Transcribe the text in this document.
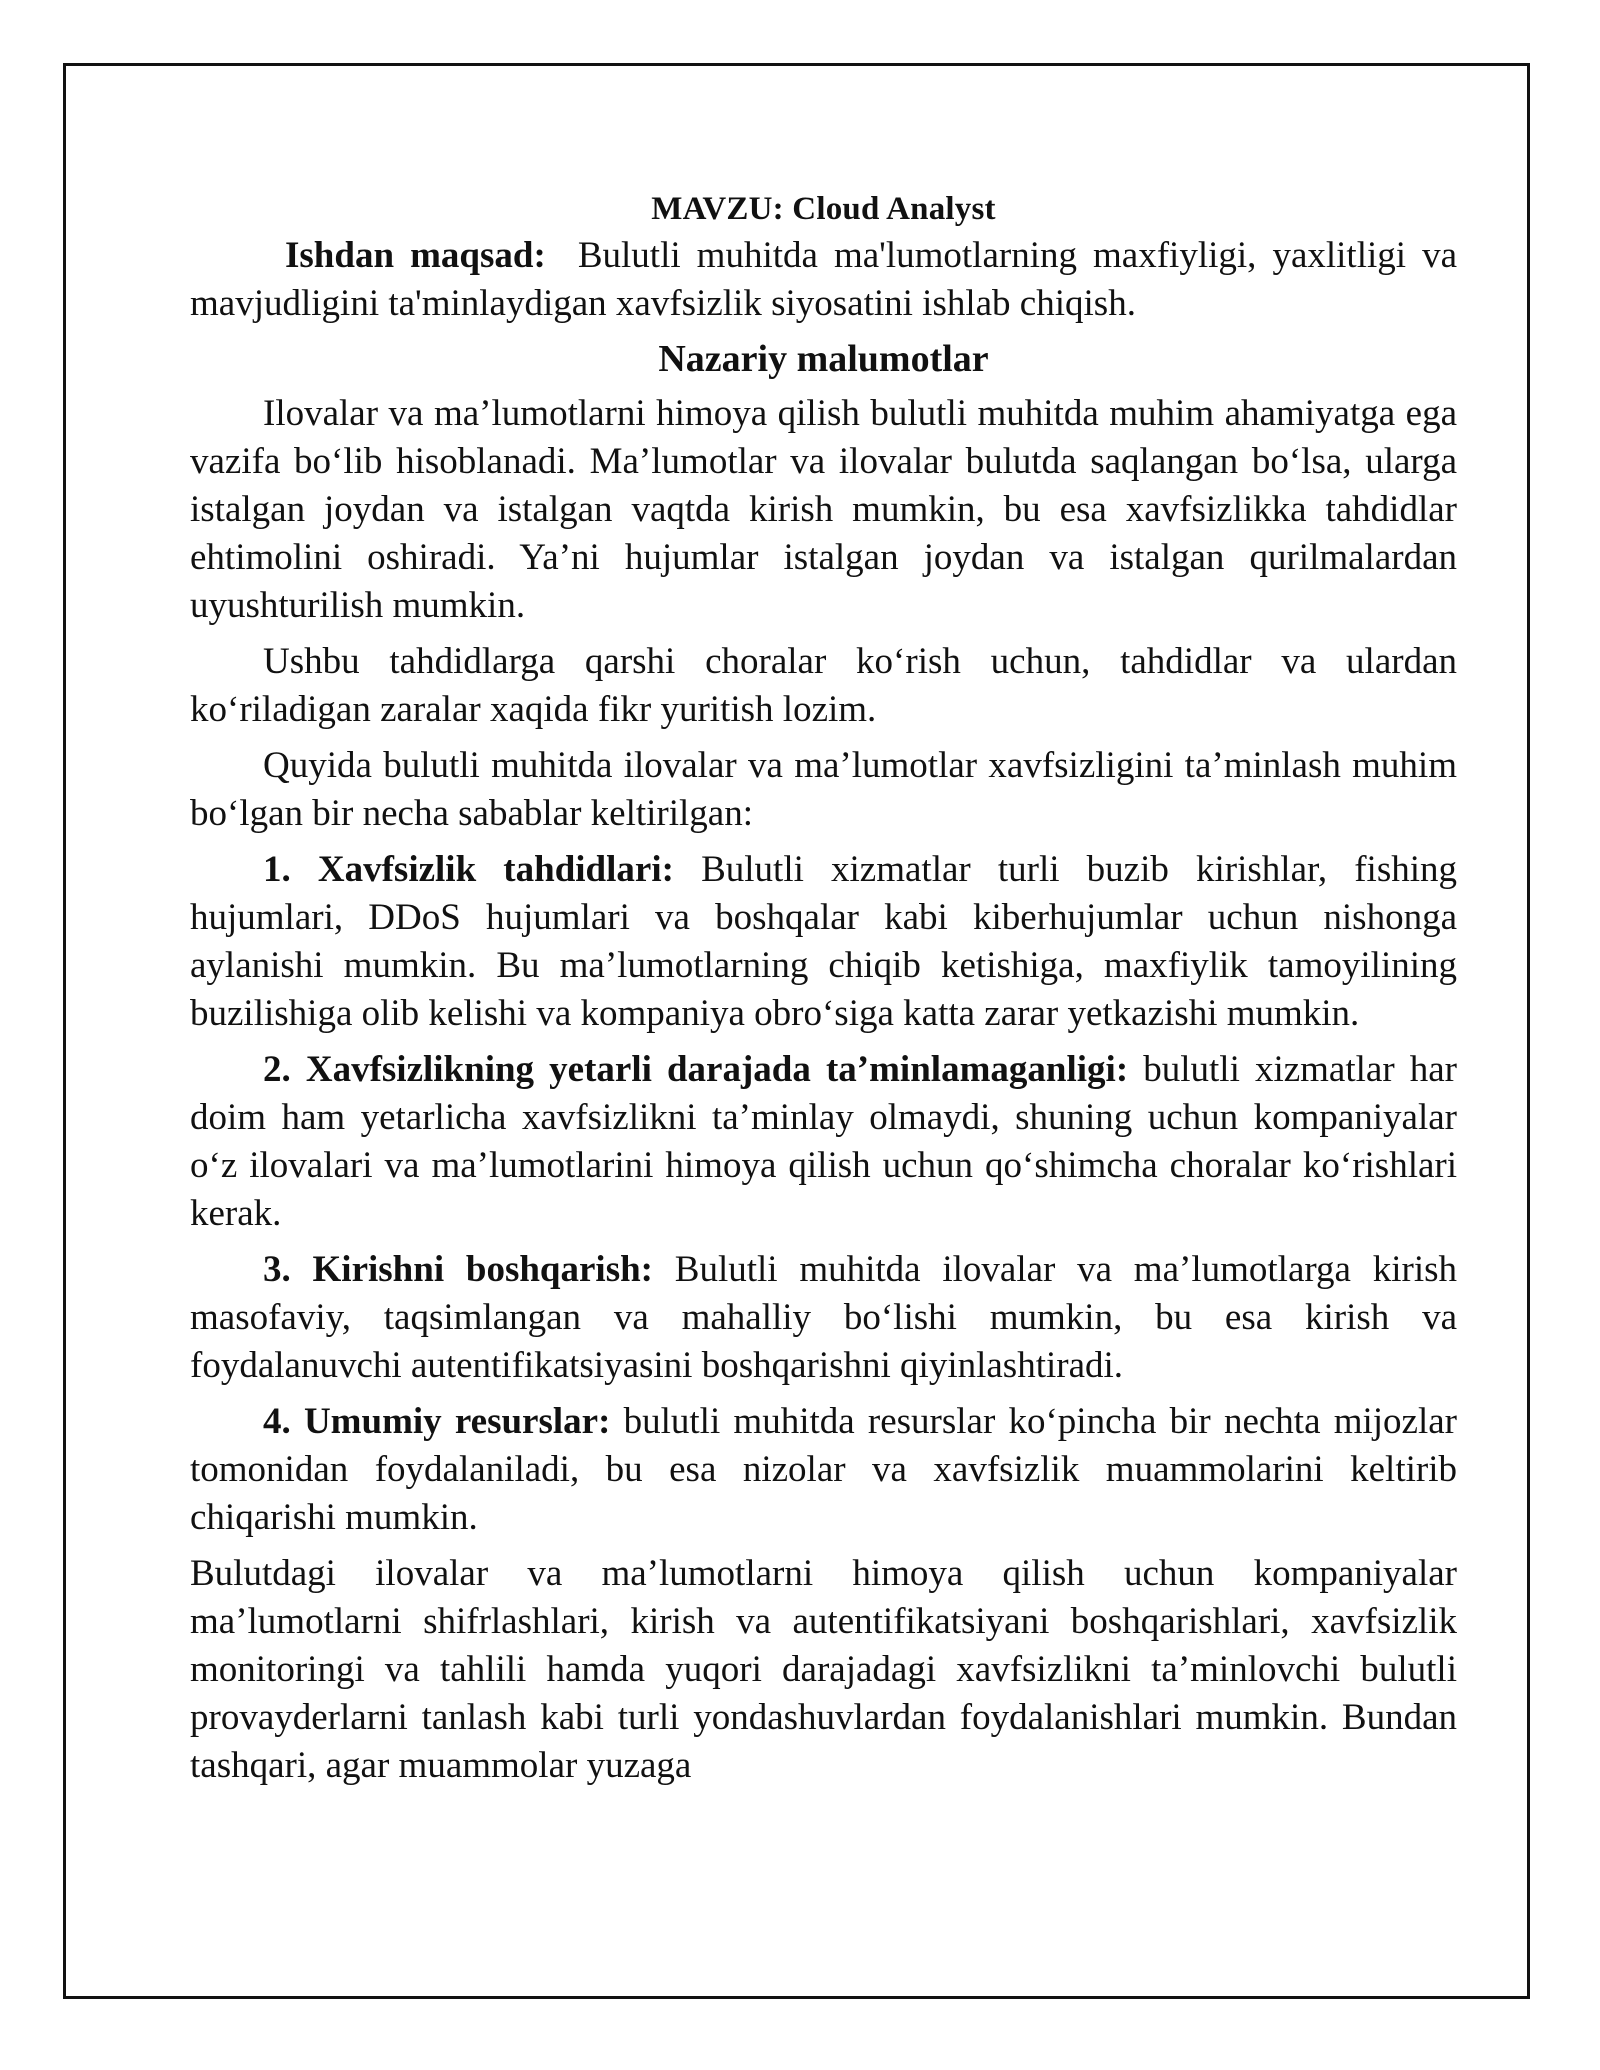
MAVZU: Cloud Analyst

Ishdan maqsad: Bulutli muhitda ma'lumotlarning maxfiyligi, yaxlitligi va mavjudligini ta'minlaydigan xavfsizlik siyosatini ishlab chiqish.

Nazariy malumotlar

Ilovalar va ma’lumotlarni himoya qilish bulutli muhitda muhim ahamiyatga ega vazifa bo‘lib hisoblanadi. Ma’lumotlar va ilovalar bulutda saqlangan bo‘lsa, ularga istalgan joydan va istalgan vaqtda kirish mumkin, bu esa xavfsizlikka tahdidlar ehtimolini oshiradi. Ya’ni hujumlar istalgan joydan va istalgan qurilmalardan uyushturilish mumkin.

Ushbu tahdidlarga qarshi choralar ko‘rish uchun, tahdidlar va ulardan ko‘riladigan zaralar xaqida fikr yuritish lozim.

Quyida bulutli muhitda ilovalar va ma’lumotlar xavfsizligini ta’minlash muhim bo‘lgan bir necha sabablar keltirilgan:

1. Xavfsizlik tahdidlari: Bulutli xizmatlar turli buzib kirishlar, fishing hujumlari, DDoS hujumlari va boshqalar kabi kiberhujumlar uchun nishonga aylanishi mumkin. Bu ma’lumotlarning chiqib ketishiga, maxfiylik tamoyilining buzilishiga olib kelishi va kompaniya obro‘siga katta zarar yetkazishi mumkin.

2. Xavfsizlikning yetarli darajada ta’minlamaganligi: bulutli xizmatlar har doim ham yetarlicha xavfsizlikni ta’minlay olmaydi, shuning uchun kompaniyalar o‘z ilovalari va ma’lumotlarini himoya qilish uchun qo‘shimcha choralar ko‘rishlari kerak.

3. Kirishni boshqarish: Bulutli muhitda ilovalar va ma’lumotlarga kirish masofaviy, taqsimlangan va mahalliy bo‘lishi mumkin, bu esa kirish va foydalanuvchi autentifikatsiyasini boshqarishni qiyinlashtiradi.

4. Umumiy resurslar: bulutli muhitda resurslar ko‘pincha bir nechta mijozlar tomonidan foydalaniladi, bu esa nizolar va xavfsizlik muammolarini keltirib chiqarishi mumkin.

Bulutdagi ilovalar va ma’lumotlarni himoya qilish uchun kompaniyalar ma’lumotlarni shifrlashlari, kirish va autentifikatsiyani boshqarishlari, xavfsizlik monitoringi va tahlili hamda yuqori darajadagi xavfsizlikni ta’minlovchi bulutli provayderlarni tanlash kabi turli yondashuvlardan foydalanishlari mumkin. Bundan tashqari, agar muammolar yuzaga
